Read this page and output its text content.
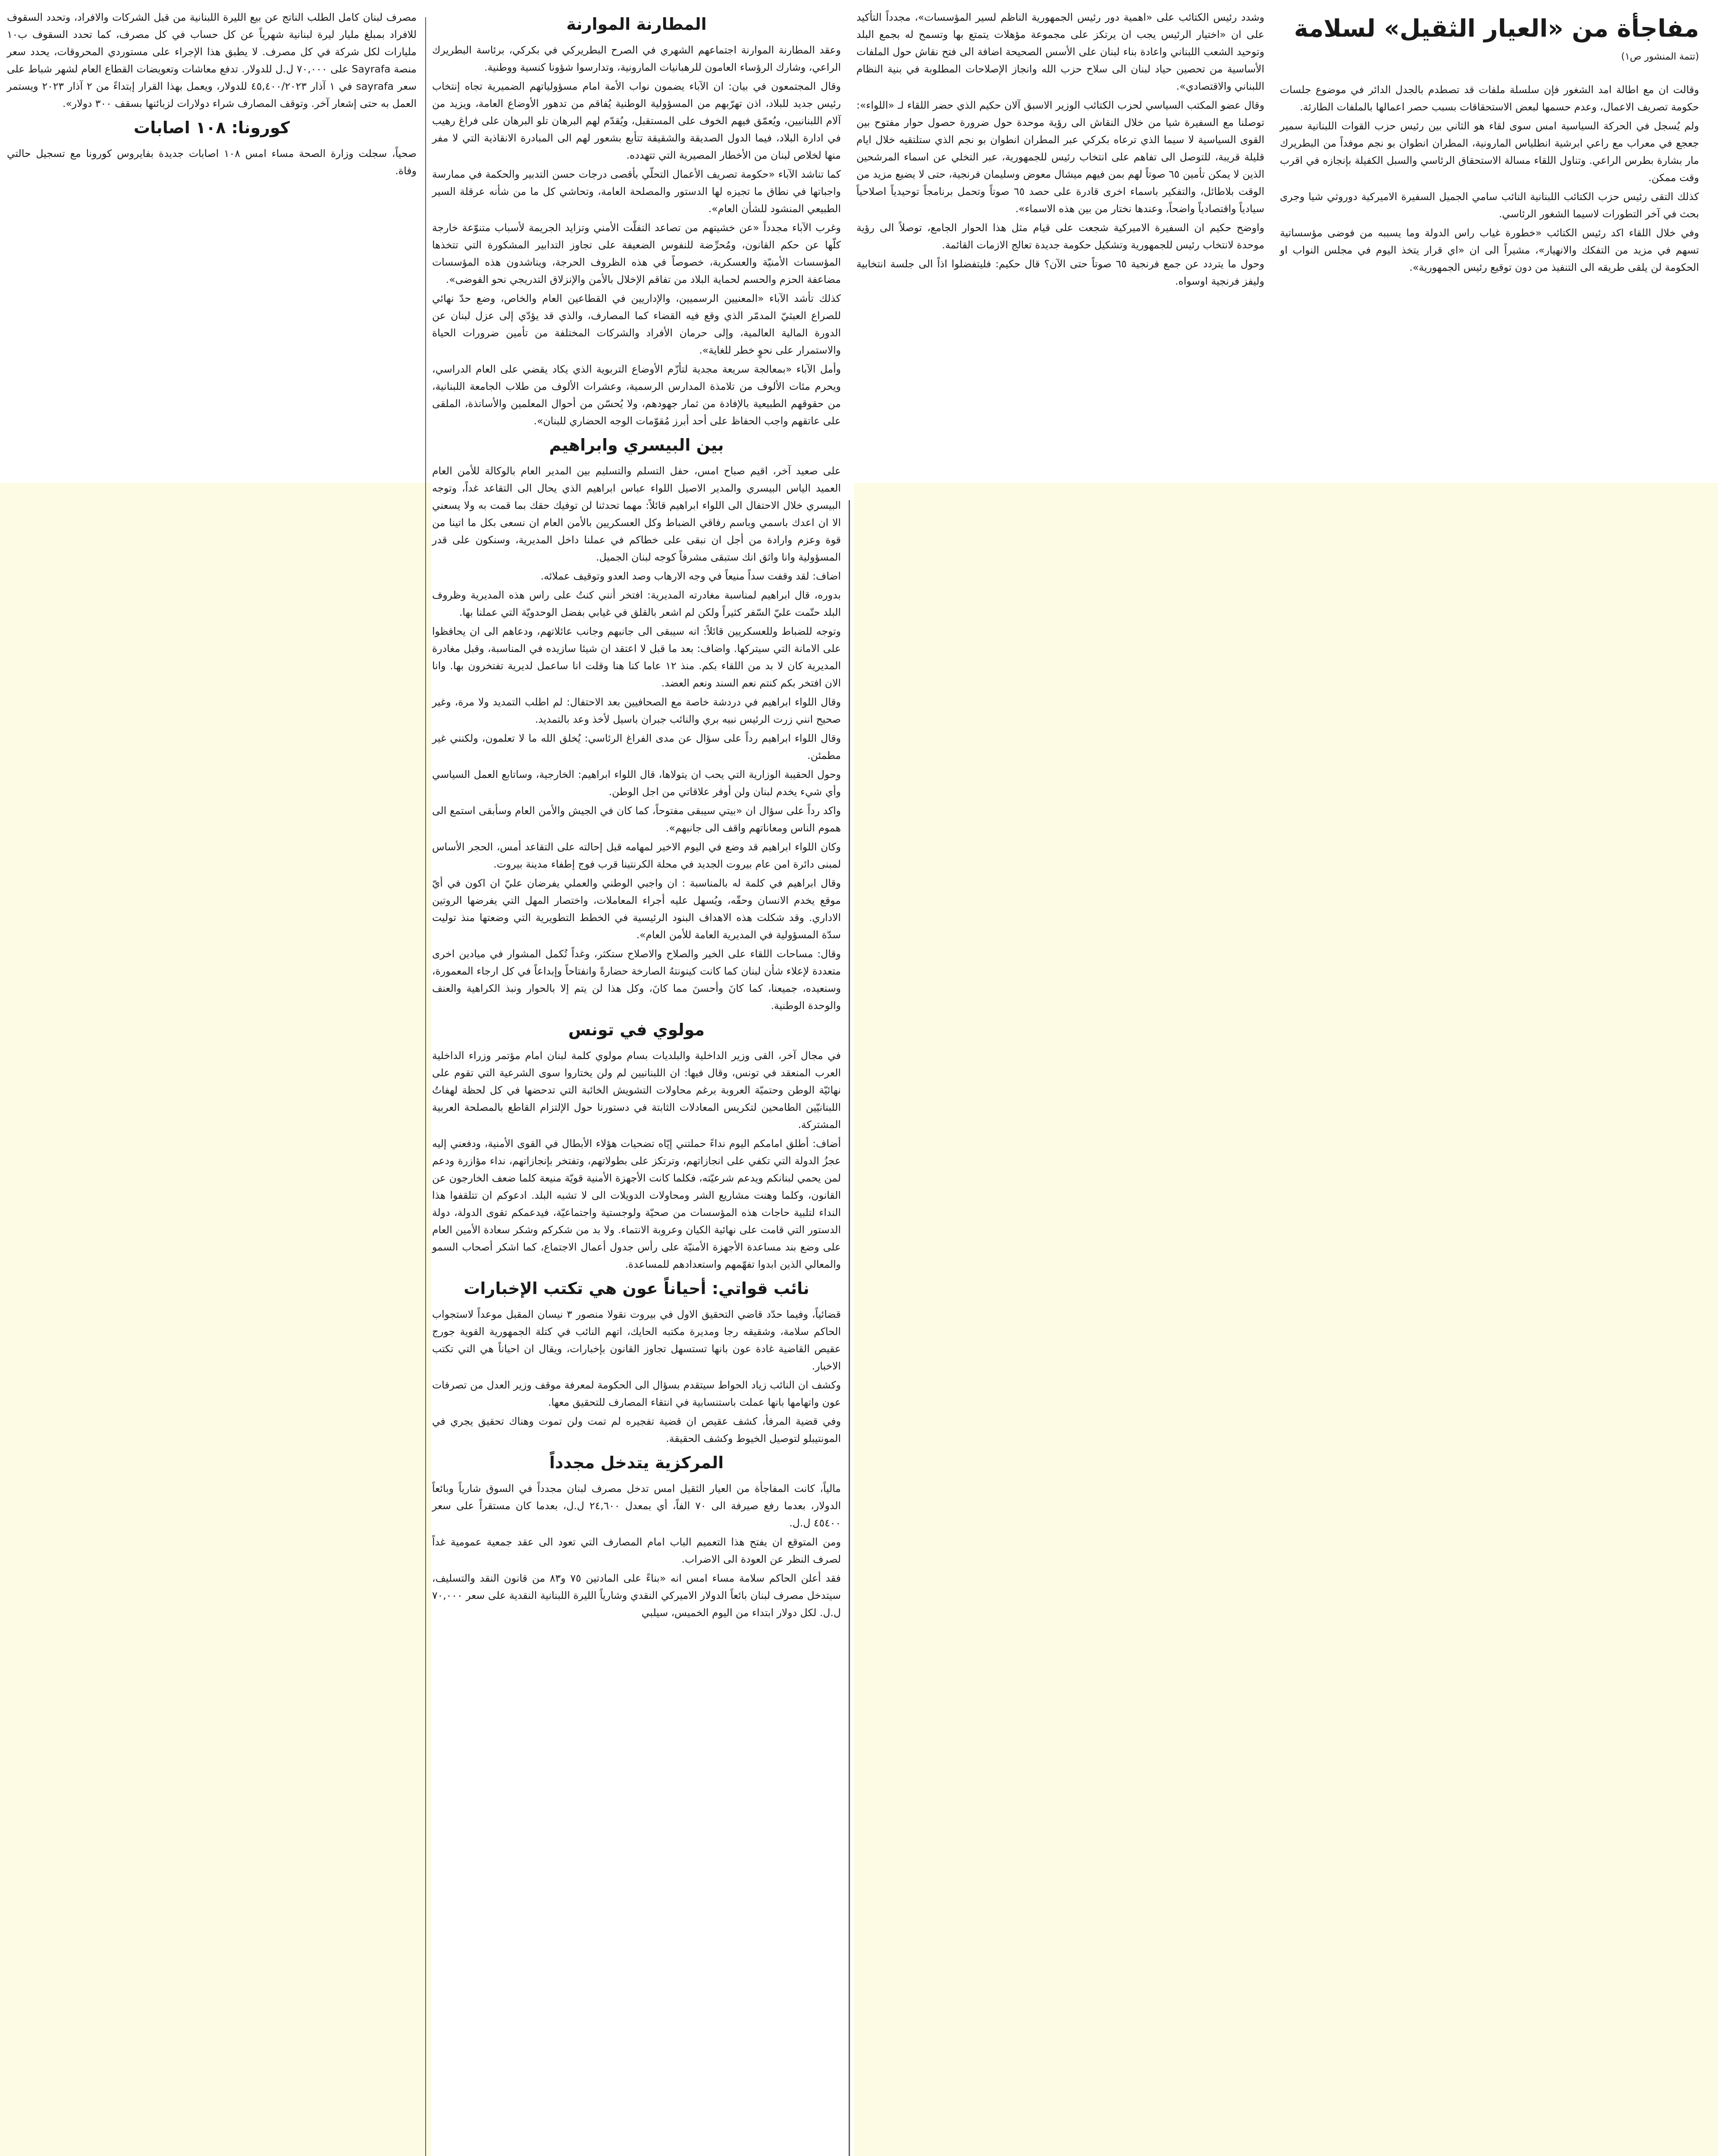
مفاجأة من «العيار الثقيل» لسلامة

(تتمة المنشور ص١)

وقالت ان مع اطالة امد الشغور فإن سلسلة ملفات قد تصطدم بالجدل الدائر في موضوع جلسات حكومة تصريف الاعمال، وعدم حسمها لبعض الاستحقاقات بسبب حصر اعمالها بالملفات الطارئة.

ولم يُسجل في الحركة السياسية امس سوى لقاء هو الثاني بين رئيس حزب القوات اللبنانية سمير جعجع في معراب مع راعي ابرشية انطلياس المارونية، المطران انطوان بو نجم موفداً من البطريرك مار بشارة بطرس الراعي. وتناول اللقاء مسالة الاستحقاق الرئاسي والسبل الكفيلة بإنجازه في اقرب وقت ممكن.

كذلك التقى رئيس حزب الكتائب اللبنانية النائب سامي الجميل السفيرة الاميركية دوروثي شيا وجرى بحث في آخر التطورات لاسيما الشغور الرئاسي.

وفي خلال اللقاء اكد رئيس الكتائب «خطورة غياب راس الدولة وما يسببه من فوضى مؤسساتية تسهم في مزيد من التفكك والانهيار»، مشيراً الى ان «اي قرار يتخذ اليوم في مجلس النواب او الحكومة لن يلقى طريقه الى التنفيذ من دون توقيع رئيس الجمهورية».

وشدد رئيس الكتائب على «اهمية دور رئيس الجمهورية الناظم لسير المؤسسات»، مجدداً التأكيد على ان «اختيار الرئيس يجب ان يرتكز على مجموعة مؤهلات يتمتع بها وتسمح له بجمع البلد وتوحيد الشعب اللبناني واعادة بناء لبنان على الأسس الصحيحة اضافة الى فتح نقاش حول الملفات الأساسية من تحصين حياد لبنان الى سلاح حزب الله وانجاز الإصلاحات المطلوبة في بنية النظام اللبناني والاقتصادي».

وقال عضو المكتب السياسي لحزب الكتائب الوزير الاسبق آلان حكيم الذي حضر اللقاء لـ «اللواء»: توصلنا مع السفيرة شيا من خلال النقاش الى رؤية موحدة حول ضرورة حصول حوار مفتوح بين القوى السياسية لا سيما الذي ترعاه بكركي عبر المطران انطوان بو نجم الذي ستلتقيه خلال ايام قليلة قريبة، للتوصل الى تفاهم على انتخاب رئيس للجمهورية، عبر التخلي عن اسماء المرشحين الذين لا يمكن تأمين ٦٥ صوتاً لهم بمن فيهم ميشال معوض وسليمان فرنجية، حتى لا يضيع مزيد من الوقت بلاطائل، والتفكير باسماء اخرى قادرة على حصد ٦٥ صوتاً وتحمل برنامجاً توحيدياً اصلاحياً سيادياً واقتصادياً واضحاً، وعندها نختار من بين هذه الاسماء».

واوضح حكيم ان السفيرة الاميركية شجعت على قيام مثل هذا الحوار الجامع، توصلاً الى رؤية موحدة لانتخاب رئيس للجمهورية وتشكيل حكومة جديدة تعالج الازمات القائمة.

وحول ما يتردد عن جمع فرنجية ٦٥ صوتاً حتى الآن؟ قال حكيم: فليتفضلوا اذاً الى جلسة انتخابية وليفز فرنجية اوسواه.

المطارنة الموارنة

وعقد المطارنة الموارنة اجتماعهم الشهري في الصرح البطريركي في بكركي، برئاسة البطريرك الراعي، وشارك الرؤساء العامون للرهبانيات المارونية، وتدارسوا شؤونا كنسية ووطنية.

وقال المجتمعون في بيان: ان الآباء يضمون نواب الأمة امام مسؤولياتهم الضميرية تجاه إنتخاب رئيس جديد للبلاد، اذن تهرّبهم من المسؤولية الوطنية يُفاقم من تدهور الأوضاع العامة، ويزيد من آلام اللبنانيين، ويُعمّق فيهم الخوف على المستقبل، ويُقدّم لهم البرهان تلو البرهان على فراغ رهيب في ادارة البلاد، فيما الدول الصديقة والشقيقة تتأبع بشعور لهم الى المبادرة الانقاذية التي لا مفر منها لخلاص لبنان من الأخطار المصيرية التي تتهدده.

كما تناشد الآباء «حكومة تصريف الأعمال التحلّي بأقصى درجات حسن التدبير والحكمة في ممارسة واجباتها في نطاق ما تجيزه لها الدستور والمصلحة العامة، وتحاشي كل ما من شأنه عرقلة السير الطبيعي المنشود للشأن العام».

وغرب الآباء مجدداً «عن خشيتهم من تصاعد التفلّت الأمني وتزايد الجريمة لأسباب متنوّعة خارجة كلّها عن حكم القانون، ومُحرِّضة للنفوس الضعيفة على تجاوز التدابير المشكورة التي تتخذها المؤسسات الأمنيّة والعسكرية، خصوصاً في هذه الظروف الحرجة، ويناشدون هذه المؤسسات مضاعفة الحزم والحسم لحماية البلاد من تفاقم الإخلال بالأمن والإنزلاق التدريجي نحو الفوضى».

كذلك تأشد الآباء «المعنيين الرسميين، والإداريين في القطاعين العام والخاص، وضع حدّ نهائي للصراع العبثيّ المدمّر الذي وقع فيه القضاء كما المصارف، والذي قد يؤدّي إلى عزل لبنان عن الدورة المالية العالمية، وإلى حرمان الأفراد والشركات المختلفة من تأمين ضرورات الحياة والاستمرار على نحوٍ خطر للغاية».

وأمل الآباء «بمعالجة سريعة مجدية لتأزّم الأوضاع التربوية الذي يكاد يقضي على العام الدراسي، ويحرم مئات الألوف من تلامذة المدارس الرسمية، وعشرات الألوف من طلاب الجامعة اللبنانية، من حقوقهم الطبيعية بالإفادة من ثمار جهودهم، ولا يُحسّن من أحوال المعلمين والأساتذة، الملقى على عاتقهم واجب الحفاظ على أحد أبرز مُقوّمات الوجه الحضاري للبنان».

بين البيسري وابراهيم

على صعيد آخر، اقيم صباح امس، حفل التسلم والتسليم بين المدير العام بالوكالة للأمن العام العميد الياس البيسري والمدير الاصيل اللواء عباس ابراهيم الذي يحال الى التقاعد غداً، وتوجه البيسري خلال الاحتفال الى اللواء ابراهيم قائلاً: مهما تحدثنا لن توفيك حقك بما قمت به ولا يسعني الا ان اعدك باسمي وباسم رفاقي الضباط وكل العسكريين بالأمن العام ان نسعى بكل ما اتينا من قوة وعزم وارادة من أجل ان نبقى على خطاكم في عملنا داخل المديرية، وسنكون على قدر المسؤولية وانا واثق انك ستبقى مشرفاً كوجه لبنان الجميل.

اضاف: لقد وقفت سداً منيعاً في وجه الارهاب وصد العدو وتوقيف عملائه.

بدوره، قال ابراهيم لمناسبة مغادرته المديرية: افتخر أنني كنتُ على راس هذه المديرية وظروف البلد حتّمت عليّ السّفر كثيراً ولكن لم اشعر بالقلق في غيابي بفضل الوحدويّة التي عملنا بها.

وتوجه للضباط وللعسكريين قائلاً: انه سيبقى الى جانبهم وجانب عائلاتهم، ودعاهم الى ان يحافظوا على الامانة التي سيتركها. واضاف: بعد ما قبل لا اعتقد ان شيئا سازيده في المناسبة، وقبل مغادرة المديرية كان لا بد من اللقاء بكم. منذ ١٢ عاما كنا هنا وقلت انا ساعمل لديرية تفتخرون بها. وانا الان افتخر بكم كنتم نعم السند ونعم العضد.

وقال اللواء ابراهيم في دردشة خاصة مع الصحافيين بعد الاحتفال: لم اطلب التمديد ولا مرة، وغير صحيح انني زرت الرئيس نبيه بري والنائب جبران باسيل لأخذ وعد بالتمديد.

وقال اللواء ابراهيم رداً على سؤال عن مدى الفراغ الرئاسي: يُخلق الله ما لا تعلمون، ولكنني غير مطمئن.

وحول الحقيبة الوزارية التي يحب ان يتولاها، قال اللواء ابراهيم: الخارجية، وساتابع العمل السياسي وأي شيء يخدم لبنان ولن أوفر علاقاتي من اجل الوطن.

واكد رداً على سؤال ان «بيتي سيبقى مفتوحاً، كما كان في الجيش والأمن العام وسأبقى استمع الى هموم الناس ومعاناتهم واقف الى جانبهم».

وكان اللواء ابراهيم قد وضع في اليوم الاخير لمهامه قبل إحالته على التقاعد أمس، الحجر الأساس لمبنى دائرة امن عام بيروت الجديد في محلة الكرنتينا قرب فوج إطفاء مدينة بيروت.

وقال ابراهيم في كلمة له بالمناسبة : ان واجبي الوطني والعملي يفرضان عليّ ان اكون في أيّ موقع يخدم الانسان وحقّه، ويُسهل عليه أجراء المعاملات، واختصار المهل التي يفرضها الروتين الاداري. وقد شكلت هذه الاهداف البنود الرئيسية في الخطط التطويرية التي وضعتها منذ توليت سدّة المسؤولية في المديرية العامة للأمن العام».

وقال: مساحات اللقاء على الخير والصلاح والاصلاح ستكثر، وغداً تُكمل المشوار في ميادين اخرى متعددة لإعلاء شأن لبنان كما كانت كينونتهُ الصارخة حضارةً وانفتاحاً وإبداعاً في كل ارجاء المعمورة، وسنعيده، جميعنا، كما كانَ وأحسنَ مما كانَ، وكل هذا لن يتم إلا بالحوار ونبذ الكراهية والعنف والوحدة الوطنية.

مولوي في تونس

في مجال آخر، القى وزير الداخلية والبلديات بسام مولوي كلمة لبنان امام مؤتمر وزراء الداخلية العرب المنعقد في تونس، وقال فيها: ان اللبنانيين لم ولن يختاروا سوى الشرعية التي تقوم على نهائيّة الوطن وحتميّة العروبة برغم محاولات التشويش الخائبة التي تدحضها في كل لحظة لهفاتُ اللبنانيّين الطامحين لتكريس المعادلات الثابتة في دستورنا حول الإلتزام القاطع بالمصلحة العربية المشتركة.

أضاف: أطلق امامكم اليوم نداءً حملتني إيّاه تضحيات هؤلاء الأبطال في القوى الأمنية، ودفعني إليه عجزُ الدولة التي تكفي على انجازاتهم، وترتكز على بطولاتهم، وتفتخر بإنجازاتهم، نداء مؤازرة ودعم لمن يحمي لبنانكم ويدعم شرعيّته، فكلما كانت الأجهزة الأمنية قويّة منيعة كلما ضعف الخارجون عن القانون، وكلما وهنت مشاريع الشر ومحاولات الدويلات الى لا تشبه البلد. ادعوكم ان تتلقفوا هذا النداء لتلبية حاجات هذه المؤسسات من صحيّة ولوجستية واجتماعيّة، فيدعمكم تقوى الدولة، دولة الدستور التي قامت على نهائية الكيان وعروبة الانتماء. ولا بد من شكركم وشكر سعادة الأمين العام على وضع بند مساعدة الأجهزة الأمنيّة على رأس جدول أعمال الاجتماع، كما اشكر أصحاب السمو والمعالي الذين ابدوا تفهّمهم واستعدادهم للمساعدة.

نائب قواتي: أحياناً عون هي تكتب الإخبارات

قضائياً، وفيما حدّد قاضي التحقيق الاول في بيروت نقولا منصور ٣ نيسان المقبل موعداً لاستجواب الحاكم سلامة، وشقيقه رجا ومديرة مكتبه الحايك، اتهم النائب في كتلة الجمهورية القوية جورج عقيص القاضية غادة عون بانها تستسهل تجاوز القانون بإخبارات، ويقال ان احياناً هي التي تكتب الاخبار.

وكشف ان النائب زياد الحواط سيتقدم بسؤال الى الحكومة لمعرفة موقف وزير العدل من تصرفات عون واتهامها بانها عملت باستنسابية في انتقاء المصارف للتحقيق معها.

وفي قضية المرفأ، كشف عقيص ان قضية تفجيره لم تمت ولن تموت وهناك تحقيق يجري في المونتيبلو لتوصيل الخيوط وكشف الحقيقة.

المركزية يتدخل مجدداً

مالياً، كانت المفاجأة من العيار الثقيل امس تدخل مصرف لبنان مجدداً في السوق شارياً وبائعاً الدولار، بعدما رفع صيرفة الى ٧٠ الفاً، أي بمعدل ٢٤,٦٠٠ ل.ل، بعدما كان مستقراً على سعر ٤٥٤٠٠ ل.ل.

ومن المتوقع ان يفتح هذا التعميم الباب امام المصارف التي تعود الى عقد جمعية عمومية غداً لصرف النظر عن العودة الى الاضراب.

فقد أعلن الحاكم سلامة مساء امس انه «بناءً على المادتين ٧٥ و٨٣ من قانون النقد والتسليف، سيتدخل مصرف لبنان بائعاً الدولار الاميركي النقدي وشارياً الليرة اللبنانية النقدية على سعر ٧٠,٠٠٠ ل.ل. لكل دولار ابتداء من اليوم الخميس، سيلبي

مصرف لبنان كامل الطلب الناتج عن بيع الليرة اللبنانية من قبل الشركات والافراد، وتحدد السقوف للافراد بمبلغ مليار ليرة لبنانية شهرياً عن كل حساب في كل مصرف، كما تحدد السقوف ب١٠ مليارات لكل شركة في كل مصرف. لا يطبق هذا الإجراء على مستوردي المحروقات، يحدد سعر منصة Sayrafa على ٧٠,٠٠٠ ل.ل للدولار. تدفع معاشات وتعويضات القطاع العام لشهر شباط على سعر sayrafa في ١ آذار ٤٥,٤٠٠/٢٠٢٣ للدولار، ويعمل بهذا القرار إبتداءً من ٢ آذار ٢٠٢٣ ويستمر العمل به حتى إشعار آخر. وتوقف المصارف شراء دولارات لزبائنها بسقف ٣٠٠ دولار».

كورونا: ١٠٨ اصابات

صحياً، سجلت وزارة الصحة مساء امس ١٠٨ اصابات جديدة بفايروس كورونا مع تسجيل حالتي وفاة.
